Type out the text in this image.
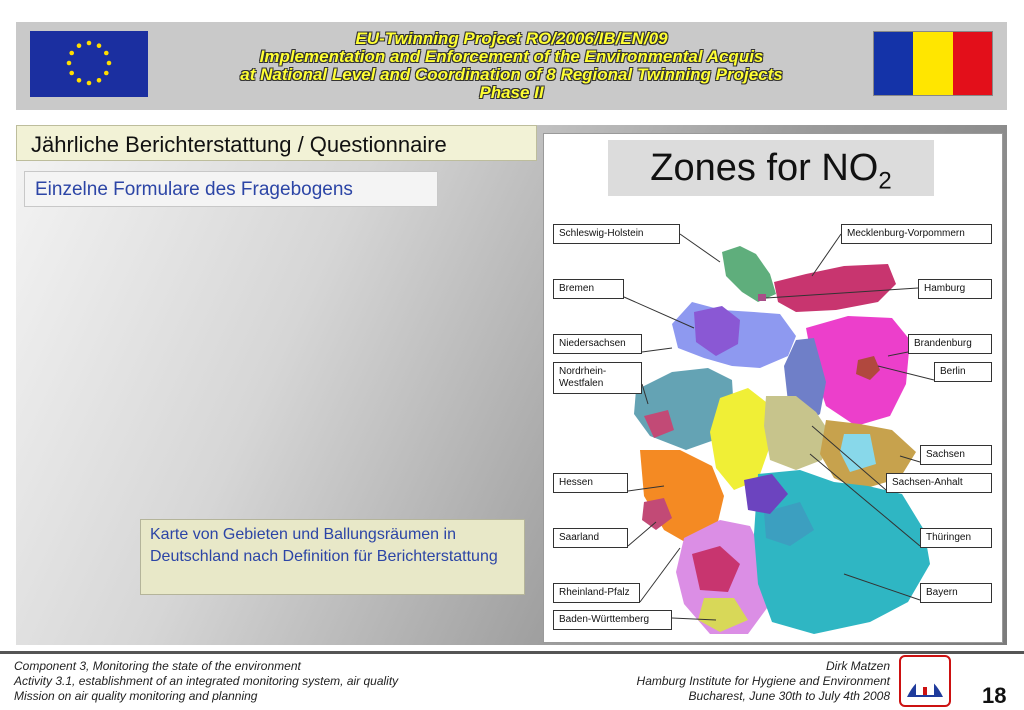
EU-Twinning Project RO/2006/IB/EN/09
Implementation and Enforcement of the Environmental Acquis
at National Level and Coordination of 8 Regional Twinning Projects
Phase II
Jährliche Berichterstattung / Questionnaire
Einzelne Formulare des Fragebogens
Karte von Gebieten und Ballungsräumen in Deutschland nach Definition für Berichterstattung
Zones for $NO_2$
Schleswig-Holstein
Bremen
Niedersachsen
Nordrhein-Westfalen
Hessen
Saarland
Rheinland-Pfalz
Baden-Württemberg
Mecklenburg-Vorpommern
Hamburg
Brandenburg
Berlin
Sachsen
Sachsen-Anhalt
Thüringen
Bayern
Component 3, Monitoring the state of the environment
Activity 3.1, establishment of an integrated monitoring system, air quality
Mission on air quality monitoring and planning
Dirk Matzen
Hamburg Institute for Hygiene and Environment
Bucharest, June 30th to July 4th 2008	18
